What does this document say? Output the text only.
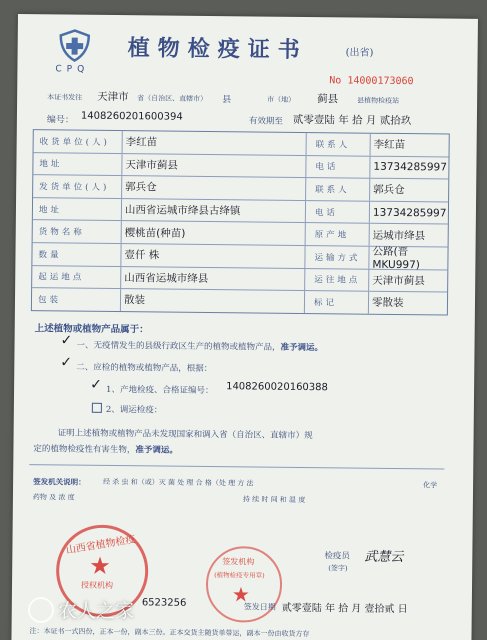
CPQ
植物检疫证书	(出省)
No 14000173060
本证书发往 天津市 省（自治区、直辖市） 县	市（地） 蓟县	县植物检疫站
编号： 1408260201600394	有效期至 贰零壹陆 年 拾 月 贰拾玖
收货单位(人)	李红苗	联系人	李红苗
地址	天津市蓟县	电话	13734285997
发货单位(人)	郭兵仓	联系人	郭兵仓
地址	山西省运城市绛县古绛镇	电话	13734285997
货物名称	樱桃苗(种苗)	原产地	运城市绛县
数量	壹仟 株	运输方式	公路(晋MKU997)
起运地点	山西省运城市绛县	运往地点	天津市蓟县
包装	散装	标记	零散装
上述植物或植物产品属于：
✓ 一、无疫情发生的县级行政区生产的植物或植物产品，准予调运。
✓ 二、应检的植物或植物产品，根据：
✓ 1、产地检疫、合格证编号： 1408260020160388
2、调运检疫：
证明上述植物或植物产品未发现国家和调入省（自治区、直辖市）规
定的植物检疫性有害生物，准予调运。
签发机关说明： 经 杀 虫 和（或）灭 菌 处 理 合 格（处 理 方 法	化学
药物 及 浓 度	持 续 时 间 和 温 度
山西省植物检疫
★
授权机构
签发机构
(植物检疫专用章)
★
检疫员
(签字)
武慧云
6523256	签发日期 贰零壹陆 年 拾 月 壹拾贰 日
注：本证书一式四份，正本一份，副本三份。正本交货主随货单带运，副本一份由收货方存
农人之家
